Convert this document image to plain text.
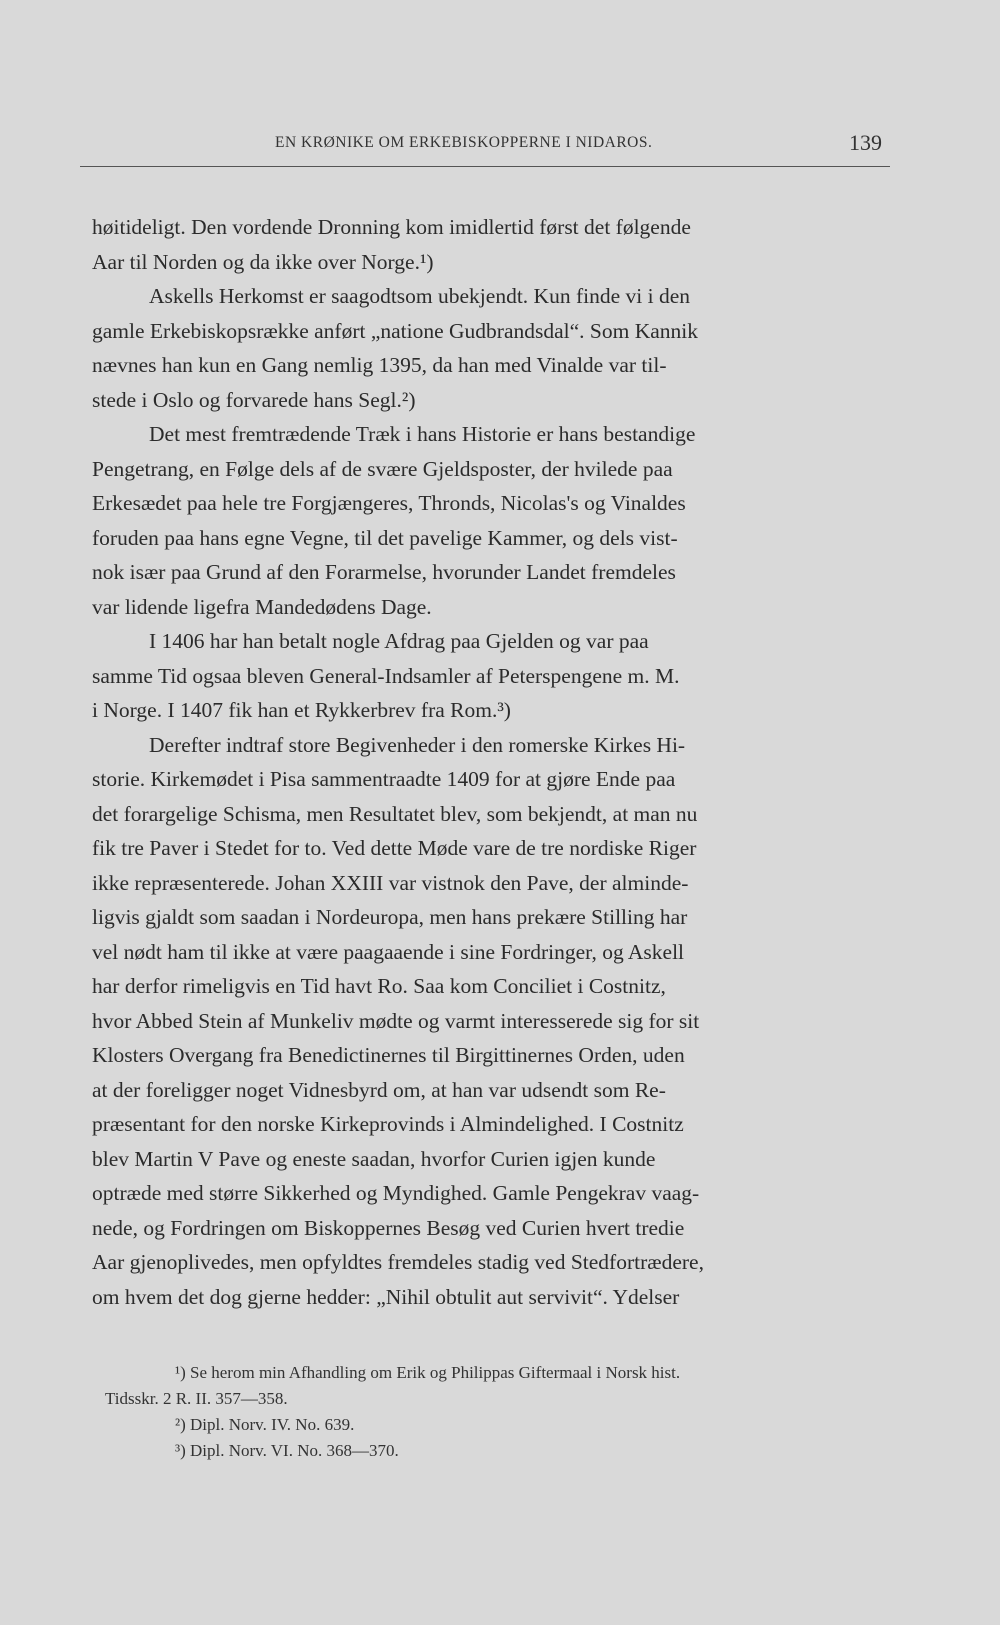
EN KRØNIKE OM ERKEBISKOPPERNE I NIDAROS.	139
høitideligt. Den vordende Dronning kom imidlertid først det følgende
Aar til Norden og da ikke over Norge.¹)
Askells Herkomst er saagodtsom ubekjendt. Kun finde vi i den
gamle Erkebiskopsrække anført „natione Gudbrandsdal“. Som Kannik
nævnes han kun en Gang nemlig 1395, da han med Vinalde var til-
stede i Oslo og forvarede hans Segl.²)
Det mest fremtrædende Træk i hans Historie er hans bestandige
Pengetrang, en Følge dels af de svære Gjeldsposter, der hvilede paa
Erkesædet paa hele tre Forgjængeres, Thronds, Nicolas's og Vinaldes
foruden paa hans egne Vegne, til det pavelige Kammer, og dels vist-
nok især paa Grund af den Forarmelse, hvorunder Landet fremdeles
var lidende ligefra Mandedødens Dage.
I 1406 har han betalt nogle Afdrag paa Gjelden og var paa
samme Tid ogsaa bleven General-Indsamler af Peterspengene m. M.
i Norge. I 1407 fik han et Rykkerbrev fra Rom.³)
Derefter indtraf store Begivenheder i den romerske Kirkes Hi-
storie. Kirkemødet i Pisa sammentraadte 1409 for at gjøre Ende paa
det forargelige Schisma, men Resultatet blev, som bekjendt, at man nu
fik tre Paver i Stedet for to. Ved dette Møde vare de tre nordiske Riger
ikke repræsenterede. Johan XXIII var vistnok den Pave, der almindе-
ligvis gjaldt som saadan i Nordeuropa, men hans prekære Stilling har
vel nødt ham til ikke at være paagaaende i sine Fordringer, og Askell
har derfor rimeligvis en Tid havt Ro. Saa kom Conciliet i Costnitz,
hvor Abbed Stein af Munkeliv mødte og varmt interesserede sig for sit
Klosters Overgang fra Benedictinernes til Birgittinernes Orden, uden
at der foreligger noget Vidnesbyrd om, at han var udsendt som Re-
præsentant for den norske Kirkeprovinds i Almindelighed. I Costnitz
blev Martin V Pave og eneste saadan, hvorfor Curien igjen kunde
optræde med større Sikkerhed og Myndighed. Gamle Pengekrav vaag-
nede, og Fordringen om Biskoppernes Besøg ved Curien hvert tredie
Aar gjenoplivedes, men opfyldtes fremdeles stadig ved Stedfortrædere,
om hvem det dog gjerne hedder: „Nihil obtulit aut servivit“. Ydelser
¹) Se herom min Afhandling om Erik og Philippas Giftermaal i Norsk hist.
Tidsskr. 2 R. II. 357—358.
²) Dipl. Norv. IV. No. 639.
³) Dipl. Norv. VI. No. 368—370.
